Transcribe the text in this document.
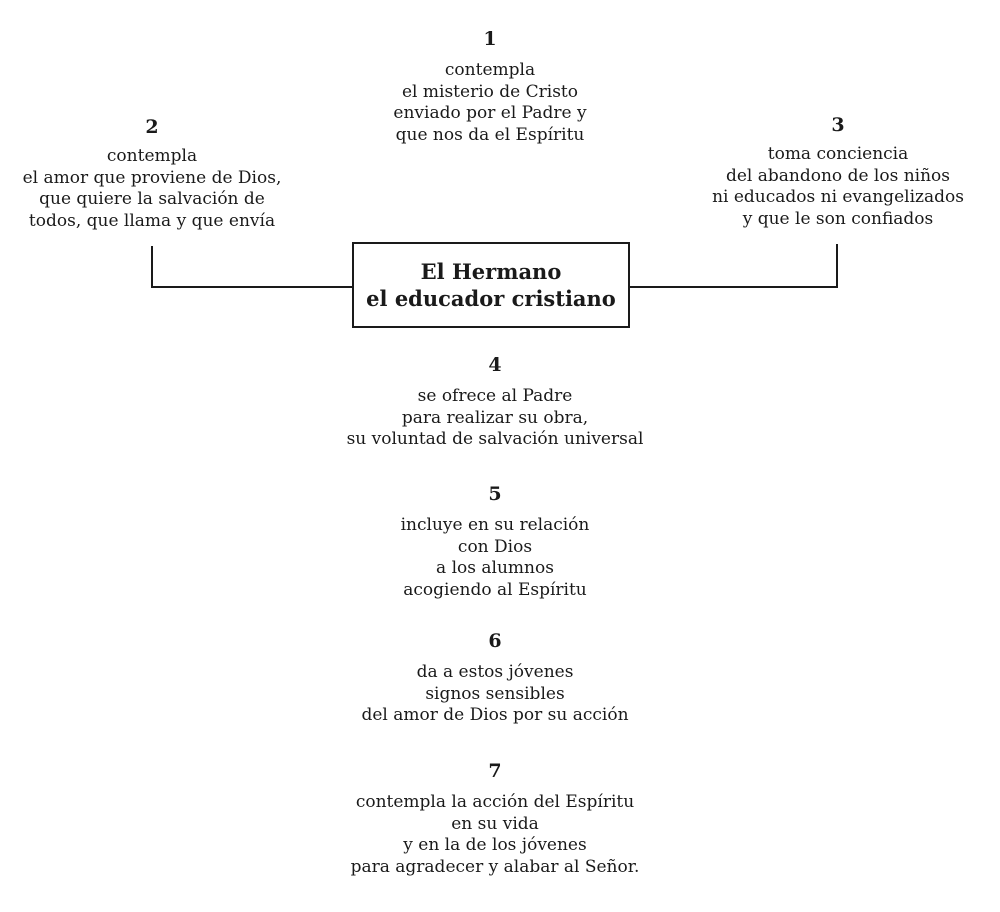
1
contempla
el misterio de Cristo
enviado por el Padre y
que nos da el Espíritu
2
contempla
el amor que proviene de Dios,
que quiere la salvación de
todos, que llama y que envía
3
toma conciencia
del abandono de los niños
ni educados ni evangelizados
y que le son confiados
El Hermano
el educador cristiano
4
se ofrece al Padre
para realizar su obra,
su voluntad de salvación universal
5
incluye en su relación
con Dios
a los alumnos
acogiendo al Espíritu
6
da a estos jóvenes
signos sensibles
del amor de Dios por su acción
7
contempla la acción del Espíritu
en su vida
y en la de los jóvenes
para agradecer y alabar al Señor.
